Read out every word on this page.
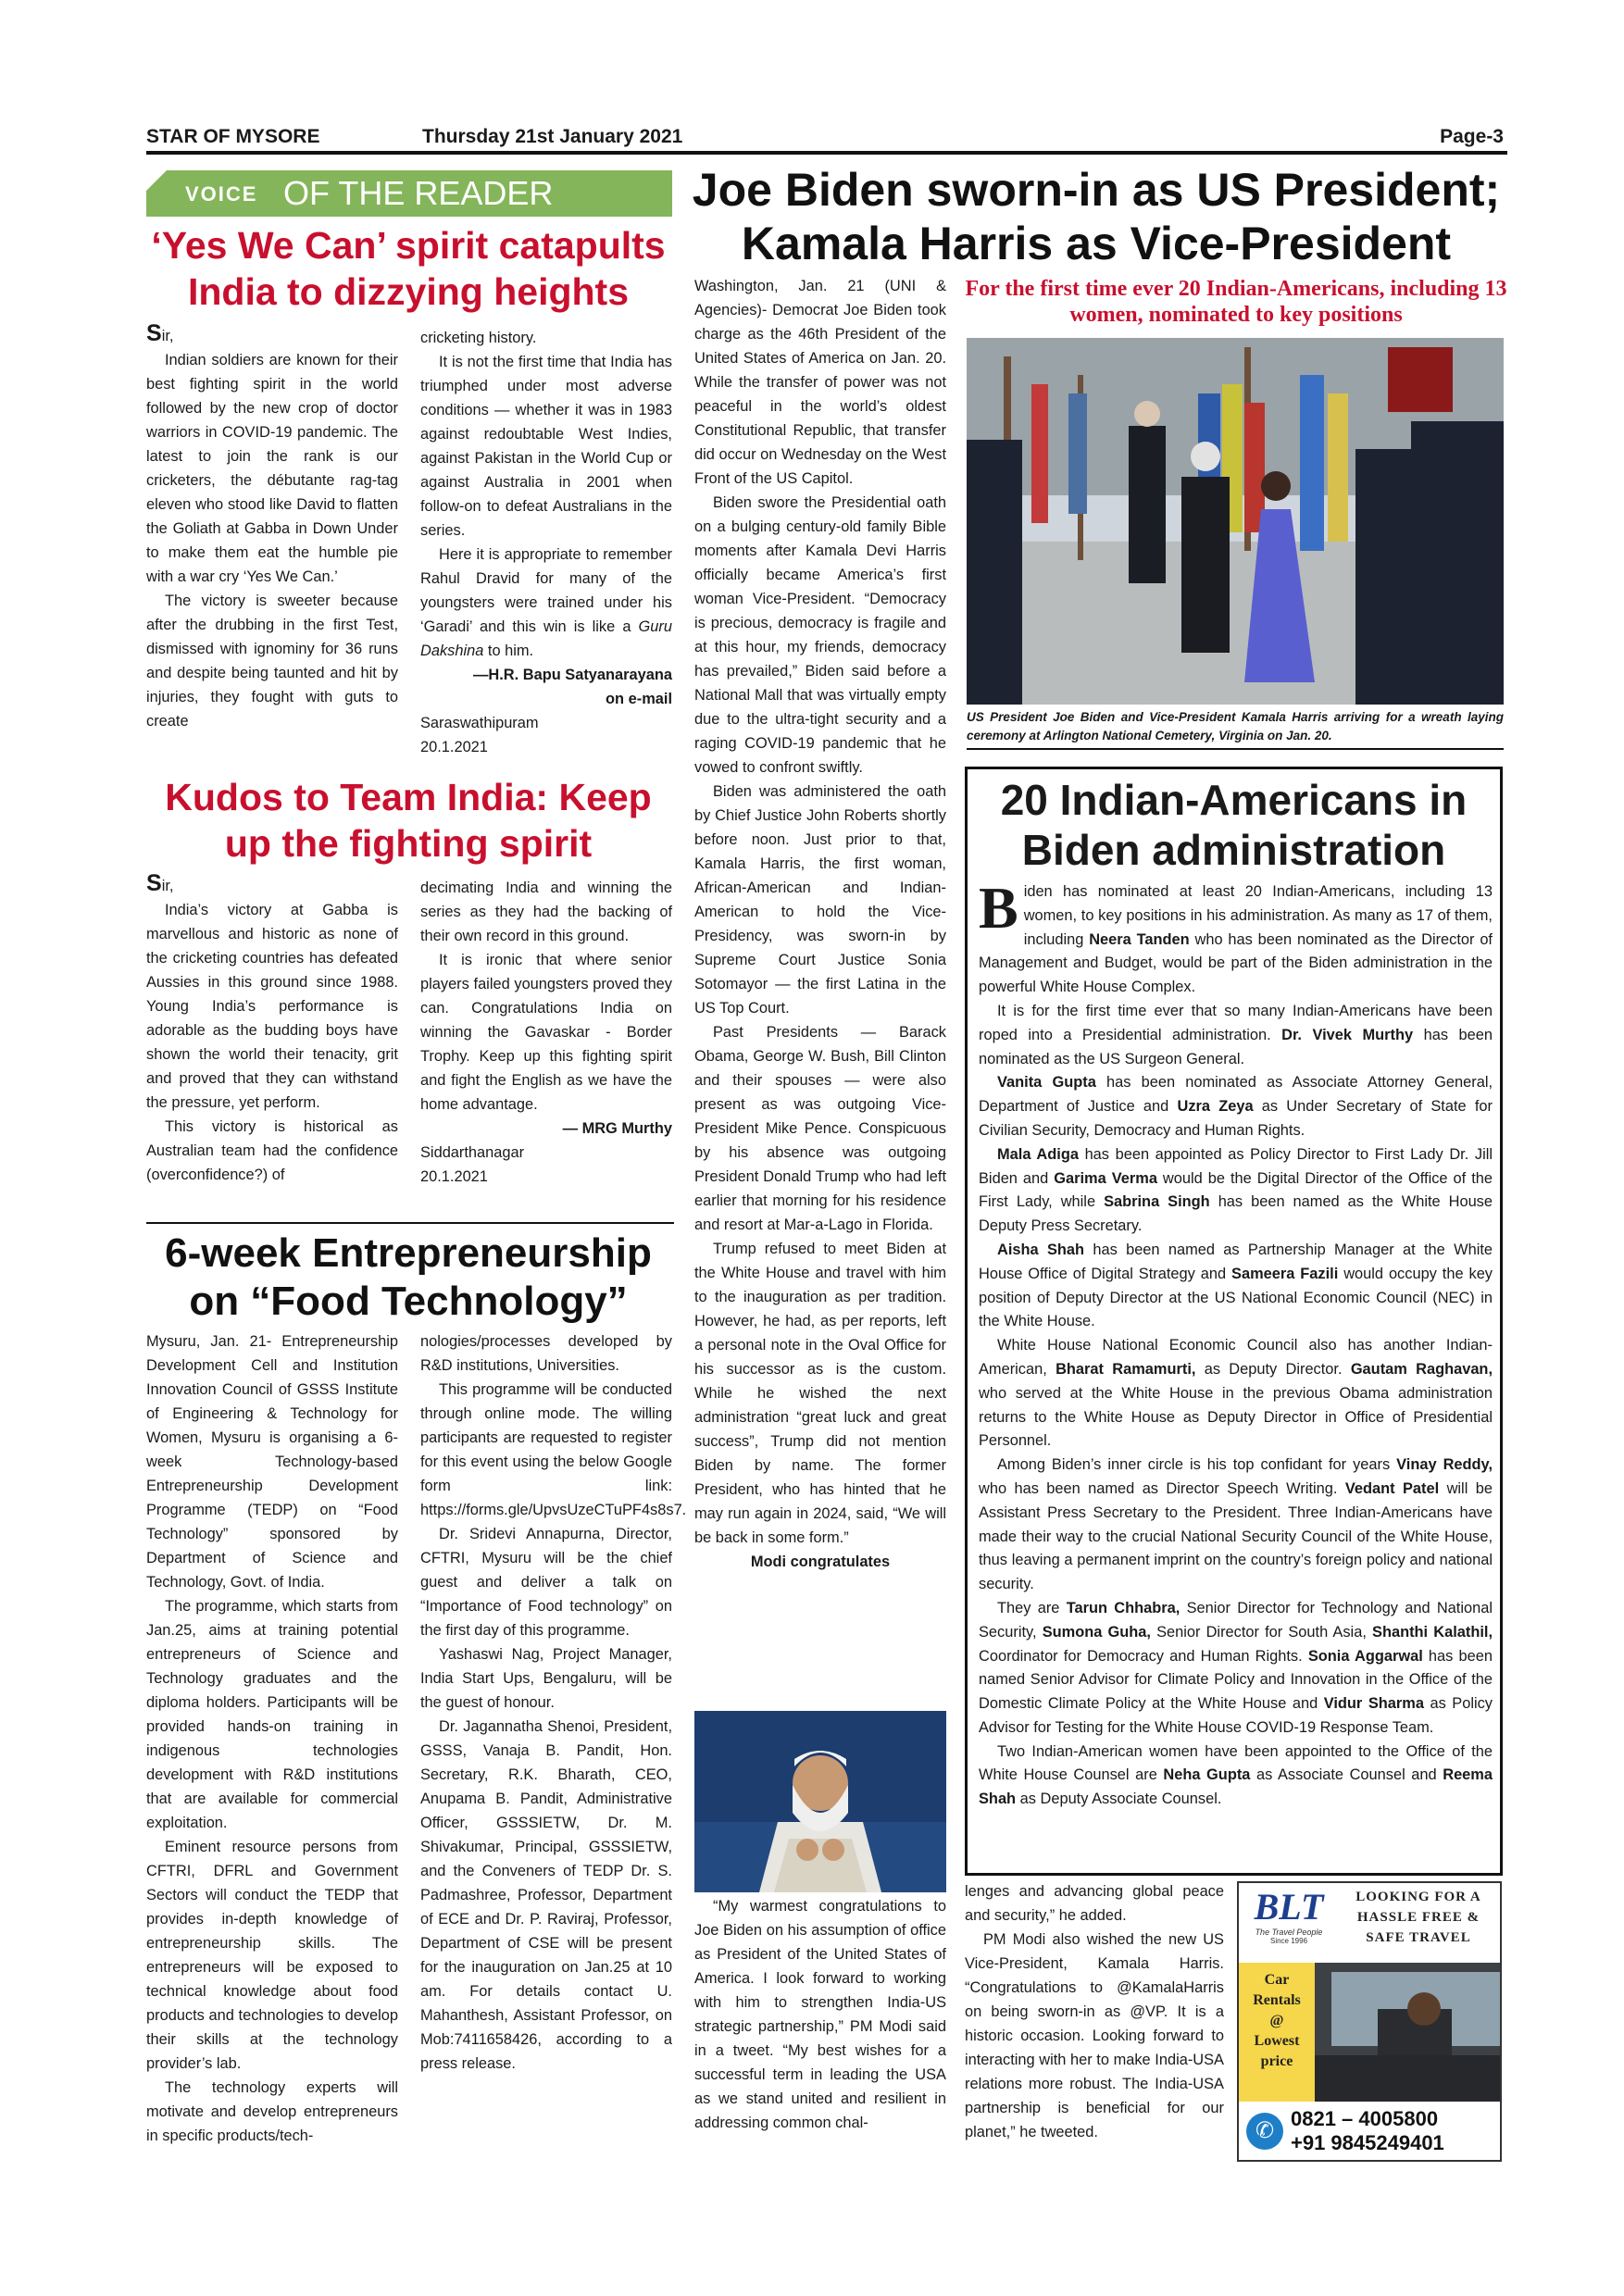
STAR OF MYSORE	Thursday 21st January 2021	Page-3
VOICE OF THE READER
‘Yes We Can’ spirit catapults India to dizzying heights

Sir,

Indian soldiers are known for their best fighting spirit in the world followed by the new crop of doctor warriors in COVID-19 pandemic. The latest to join the rank is our cricketers, the débutante rag-tag eleven who stood like David to flatten the Goliath at Gabba in Down Under to make them eat the humble pie with a war cry ‘Yes We Can.’

The victory is sweeter because after the drubbing in the first Test, dismissed with ignominy for 36 runs and despite being taunted and hit by injuries, they fought with guts to create

cricketing history.

It is not the first time that India has triumphed under most adverse conditions — whether it was in 1983 against redoubtable West Indies, against Pakistan in the World Cup or against Australia in 2001 when follow-on to defeat Australians in the series.

Here it is appropriate to remember Rahul Dravid for many of the youngsters were trained under his ‘Garadi’ and this win is like a Guru Dakshina to him.

—H.R. Bapu Satyanarayana

on e-mail

Saraswathipuram

20.1.2021

Kudos to Team India: Keep up the fighting spirit

Sir,

India’s victory at Gabba is marvellous and historic as none of the cricketing countries has defeated Aussies in this ground since 1988. Young India’s performance is adorable as the budding boys have shown the world their tenacity, grit and proved that they can withstand the pressure, yet perform.

This victory is historical as Australian team had the confidence (overconfidence?) of

decimating India and winning the series as they had the backing of their own record in this ground.

It is ironic that where senior players failed youngsters proved they can. Congratulations India on winning the Gavaskar - Border Trophy. Keep up this fighting spirit and fight the English as we have the home advantage.

— MRG Murthy

Siddarthanagar

20.1.2021

6-week Entrepreneurship on “Food Technology”

Mysuru, Jan. 21- Entrepreneurship Development Cell and Institution Innovation Council of GSSS Institute of Engineering & Technology for Women, Mysuru is organising a 6-week Technology-based Entrepreneurship Development Programme (TEDP) on “Food Technology” sponsored by Department of Science and Technology, Govt. of India.

The programme, which starts from Jan.25, aims at training potential entrepreneurs of Science and Technology graduates and the diploma holders. Participants will be provided hands-on training in indigenous technologies development with R&D institutions that are available for commercial exploitation.

Eminent resource persons from CFTRI, DFRL and Government Sectors will conduct the TEDP that provides in-depth knowledge of entrepreneurship skills. The entrepreneurs will be exposed to technical knowledge about food products and technologies to develop their skills at the technology provider’s lab.

The technology experts will motivate and develop entrepreneurs in specific products/tech-

nologies/processes developed by R&D institutions, Universities.

This programme will be conducted through online mode. The willing participants are requested to register for this event using the below Google form link: https://forms.gle/UpvsUzeCTuPF4s8s7.

Dr. Sridevi Annapurna, Director, CFTRI, Mysuru will be the chief guest and deliver a talk on “Importance of Food technology” on the first day of this programme.

Yashaswi Nag, Project Manager, India Start Ups, Bengaluru, will be the guest of honour.

Dr. Jagannatha Shenoi, President, GSSS, Vanaja B. Pandit, Hon. Secretary, R.K. Bharath, CEO, Anupama B. Pandit, Administrative Officer, GSSSIETW, Dr. M. Shivakumar, Principal, GSSSIETW, and the Conveners of TEDP Dr. S. Padmashree, Professor, Department of ECE and Dr. P. Raviraj, Professor, Department of CSE will be present for the inauguration on Jan.25 at 10 am. For details contact U. Mahanthesh, Assistant Professor, on Mob:7411658426, according to a press release.

Joe Biden sworn-in as US President; Kamala Harris as Vice-President
For the first time ever 20 Indian-Americans, including 13 women, nominated to key positions
US President Joe Biden and Vice-President Kamala Harris arriving for a wreath laying ceremony at Arlington National Cemetery, Virginia on Jan. 20.

Washington, Jan. 21 (UNI & Agencies)- Democrat Joe Biden took charge as the 46th President of the United States of America on Jan. 20. While the transfer of power was not peaceful in the world’s oldest Constitutional Republic, that transfer did occur on Wednesday on the West Front of the US Capitol.

Biden swore the Presidential oath on a bulging century-old family Bible moments after Kamala Devi Harris officially became America’s first woman Vice-President. “Democracy is precious, democracy is fragile and at this hour, my friends, democracy has prevailed,” Biden said before a National Mall that was virtually empty due to the ultra-tight security and a raging COVID-19 pandemic that he vowed to confront swiftly.

Biden was administered the oath by Chief Justice John Roberts shortly before noon. Just prior to that, Kamala Harris, the first woman, African-American and Indian-American to hold the Vice-Presidency, was sworn-in by Supreme Court Justice Sonia Sotomayor — the first Latina in the US Top Court.

Past Presidents — Barack Obama, George W. Bush, Bill Clinton and their spouses — were also present as was outgoing Vice-President Mike Pence. Conspicuous by his absence was outgoing President Donald Trump who had left earlier that morning for his residence and resort at Mar-a-Lago in Florida.

Trump refused to meet Biden at the White House and travel with him to the inauguration as per tradition. However, he had, as per reports, left a personal note in the Oval Office for his successor as is the custom. While he wished the next administration “great luck and great success”, Trump did not mention Biden by name. The former President, who has hinted that he may run again in 2024, said, “We will be back in some form.”

Modi congratulates

“My warmest congratulations to Joe Biden on his assumption of office as President of the United States of America. I look forward to working with him to strengthen India-US strategic partnership,” PM Modi said in a tweet. “My best wishes for a successful term in leading the USA as we stand united and resilient in addressing common chal-

lenges and advancing global peace and security,” he added.

PM Modi also wished the new US Vice-President, Kamala Harris. “Congratulations to @KamalaHarris on being sworn-in as @VP. It is a historic occasion. Looking forward to interacting with her to make India-USA relations more robust. The India-USA partnership is beneficial for our planet,” he tweeted.

20 Indian-Americans in Biden administration

Biden has nominated at least 20 Indian-Americans, including 13 women, to key positions in his administration. As many as 17 of them, including Neera Tanden who has been nominated as the Director of Management and Budget, would be part of the Biden administration in the powerful White House Complex.

It is for the first time ever that so many Indian-Americans have been roped into a Presidential administration. Dr. Vivek Murthy has been nominated as the US Surgeon General.

Vanita Gupta has been nominated as Associate Attorney General, Department of Justice and Uzra Zeya as Under Secretary of State for Civilian Security, Democracy and Human Rights.

Mala Adiga has been appointed as Policy Director to First Lady Dr. Jill Biden and Garima Verma would be the Digital Director of the Office of the First Lady, while Sabrina Singh has been named as the White House Deputy Press Secretary.

Aisha Shah has been named as Partnership Manager at the White House Office of Digital Strategy and Sameera Fazili would occupy the key position of Deputy Director at the US National Economic Council (NEC) in the White House.

White House National Economic Council also has another Indian-American, Bharat Ramamurti, as Deputy Director. Gautam Raghavan, who served at the White House in the previous Obama administration returns to the White House as Deputy Director in Office of Presidential Personnel.

Among Biden’s inner circle is his top confidant for years Vinay Reddy, who has been named as Director Speech Writing. Vedant Patel will be Assistant Press Secretary to the President. Three Indian-Americans have made their way to the crucial National Security Council of the White House, thus leaving a permanent imprint on the country’s foreign policy and national security.

They are Tarun Chhabra, Senior Director for Technology and National Security, Sumona Guha, Senior Director for South Asia, Shanthi Kalathil, Coordinator for Democracy and Human Rights. Sonia Aggarwal has been named Senior Advisor for Climate Policy and Innovation in the Office of the Domestic Climate Policy at the White House and Vidur Sharma as Policy Advisor for Testing for the White House COVID-19 Response Team.

Two Indian-American women have been appointed to the Office of the White House Counsel are Neha Gupta as Associate Counsel and Reema Shah as Deputy Associate Counsel.

BLT
The Travel People
Since 1996
LOOKING FOR A HASSLE FREE & SAFE TRAVEL
Car
Rentals
@
Lowest
price
✆ 0821 – 4005800
+91 9845249401
